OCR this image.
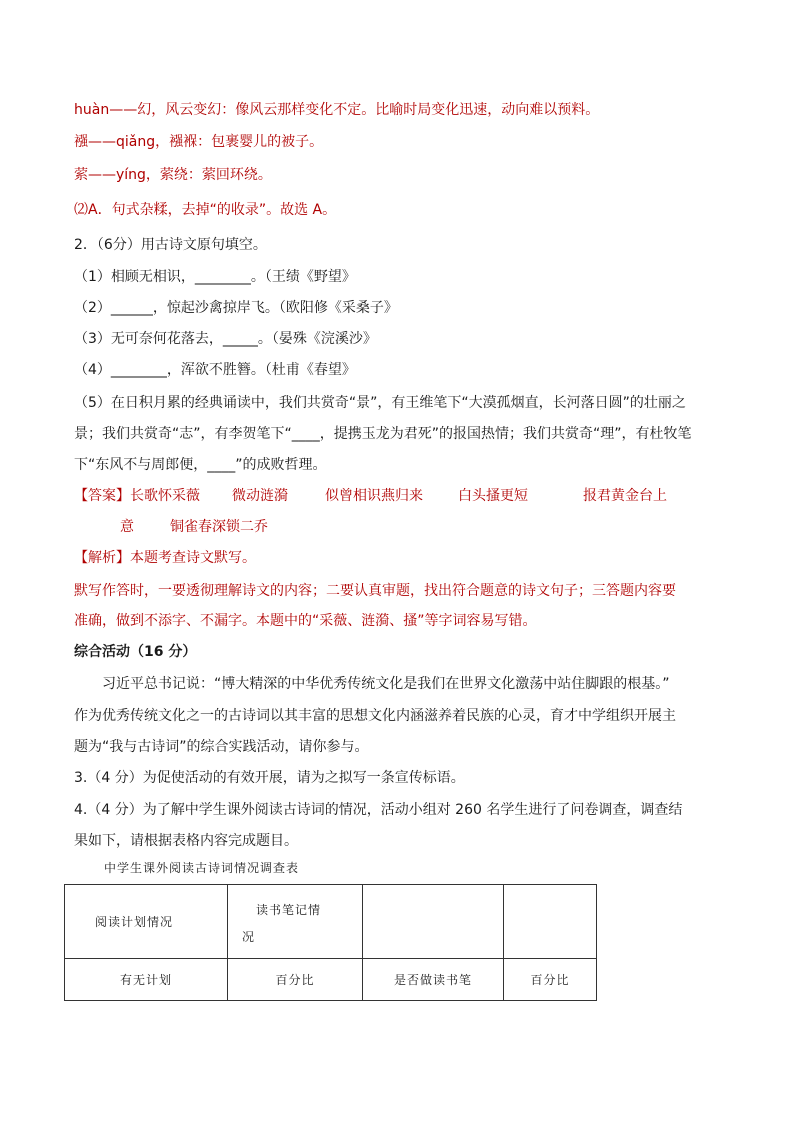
huàn——幻，风云变幻：像风云那样变化不定。比喻时局变化迅速，动向难以预料。
襁——qiǎng，襁褓：包裹婴儿的被子。
萦——yíng，萦绕：萦回环绕。
⑵A．句式杂糅，去掉“的收录”。故选 A。
2．（6分）用古诗文原句填空。
（1）相顾无相识，________。（王绩《野望》
（2）______，惊起沙禽掠岸飞。（欧阳修《采桑子》
（3）无可奈何花落去，_____。（晏殊《浣溪沙》
（4）________，浑欲不胜簪。（杜甫《春望》
（5）在日积月累的经典诵读中，我们共赏奇“景”，有王维笔下“大漠孤烟直，长河落日圆”的壮丽之
景；我们共赏奇“志”，有李贺笔下“____，提携玉龙为君死”的报国热情；我们共赏奇“理”，有杜牧笔
下“东风不与周郎便，____”的成败哲理。
【答案】 长歌怀采薇 微动涟漪	似曾相识燕归来	白头搔更短	报君黄金台上
意	铜雀春深锁二乔
【解析】本题考查诗文默写。
默写作答时，一要透彻理解诗文的内容；二要认真审题，找出符合题意的诗文句子；三答题内容要
准确，做到不添字、不漏字。本题中的“采薇、涟漪、搔”等字词容易写错。
综合活动（16 分）
习近平总书记说：“博大精深的中华优秀传统文化是我们在世界文化激荡中站住脚跟的根基。”
作为优秀传统文化之一的古诗词以其丰富的思想文化内涵滋养着民族的心灵，育才中学组织开展主
题为“我与古诗词”的综合实践活动，请你参与。
3.（4 分）为促使活动的有效开展，请为之拟写一条宣传标语。
4.（4 分）为了解中学生课外阅读古诗词的情况，活动小组对 260 名学生进行了问卷调查，调查结
果如下，请根据表格内容完成题目。
中学生课外阅读古诗词情况调查表
阅读计划情况	读书笔记情
况		

有无计划	百分比	是否做读书笔	百分比
